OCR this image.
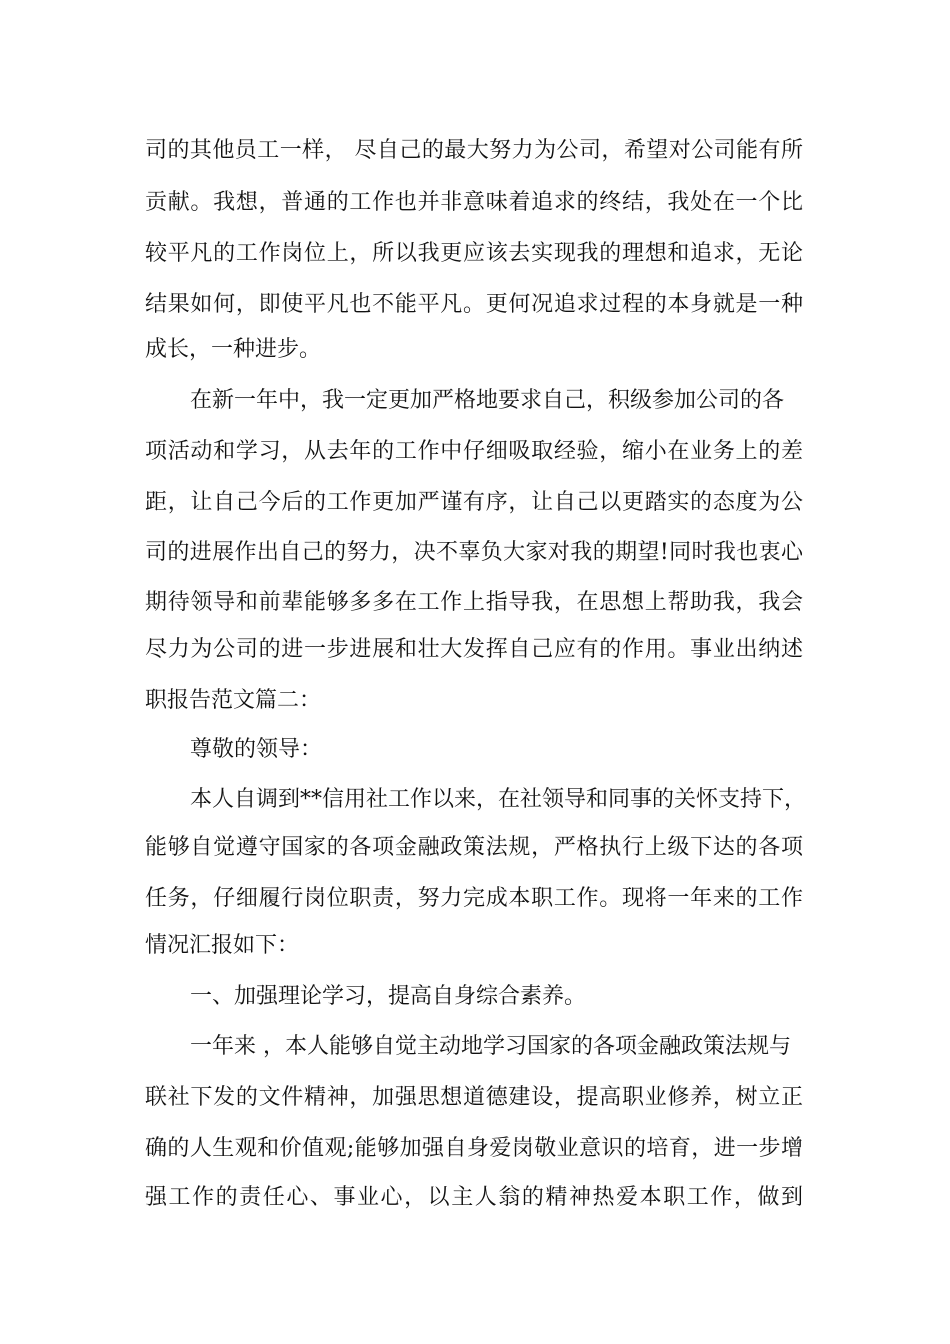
司的其他员工一样， 尽自己的最大努力为公司，希望对公司能有所
贡献。我想，普通的工作也并非意味着追求的终结，我处在一个比
较平凡的工作岗位上，所以我更应该去实现我的理想和追求，无论
结果如何，即使平凡也不能平凡。更何况追求过程的本身就是一种
成长，一种进步。
在新一年中，我一定更加严格地要求自己，积级参加公司的各
项活动和学习，从去年的工作中仔细吸取经验，缩小在业务上的差
距，让自己今后的工作更加严谨有序，让自己以更踏实的态度为公
司的进展作出自己的努力，决不辜负大家对我的期望!同时我也衷心
期待领导和前辈能够多多在工作上指导我，在思想上帮助我，我会
尽力为公司的进一步进展和壮大发挥自己应有的作用。事业出纳述
职报告范文篇二：
尊敬的领导：
本人自调到**信用社工作以来，在社领导和同事的关怀支持下，
能够自觉遵守国家的各项金融政策法规，严格执行上级下达的各项
任务，仔细履行岗位职责，努力完成本职工作。现将一年来的工作
情况汇报如下：
一、加强理论学习，提高自身综合素养。
一年来 ，本人能够自觉主动地学习国家的各项金融政策法规与
联社下发的文件精神，加强思想道德建设，提高职业修养，树立正
确的人生观和价值观;能够加强自身爱岗敬业意识的培育，进一步增
强工作的责任心、事业心，以主人翁的精神热爱本职工作，做到
